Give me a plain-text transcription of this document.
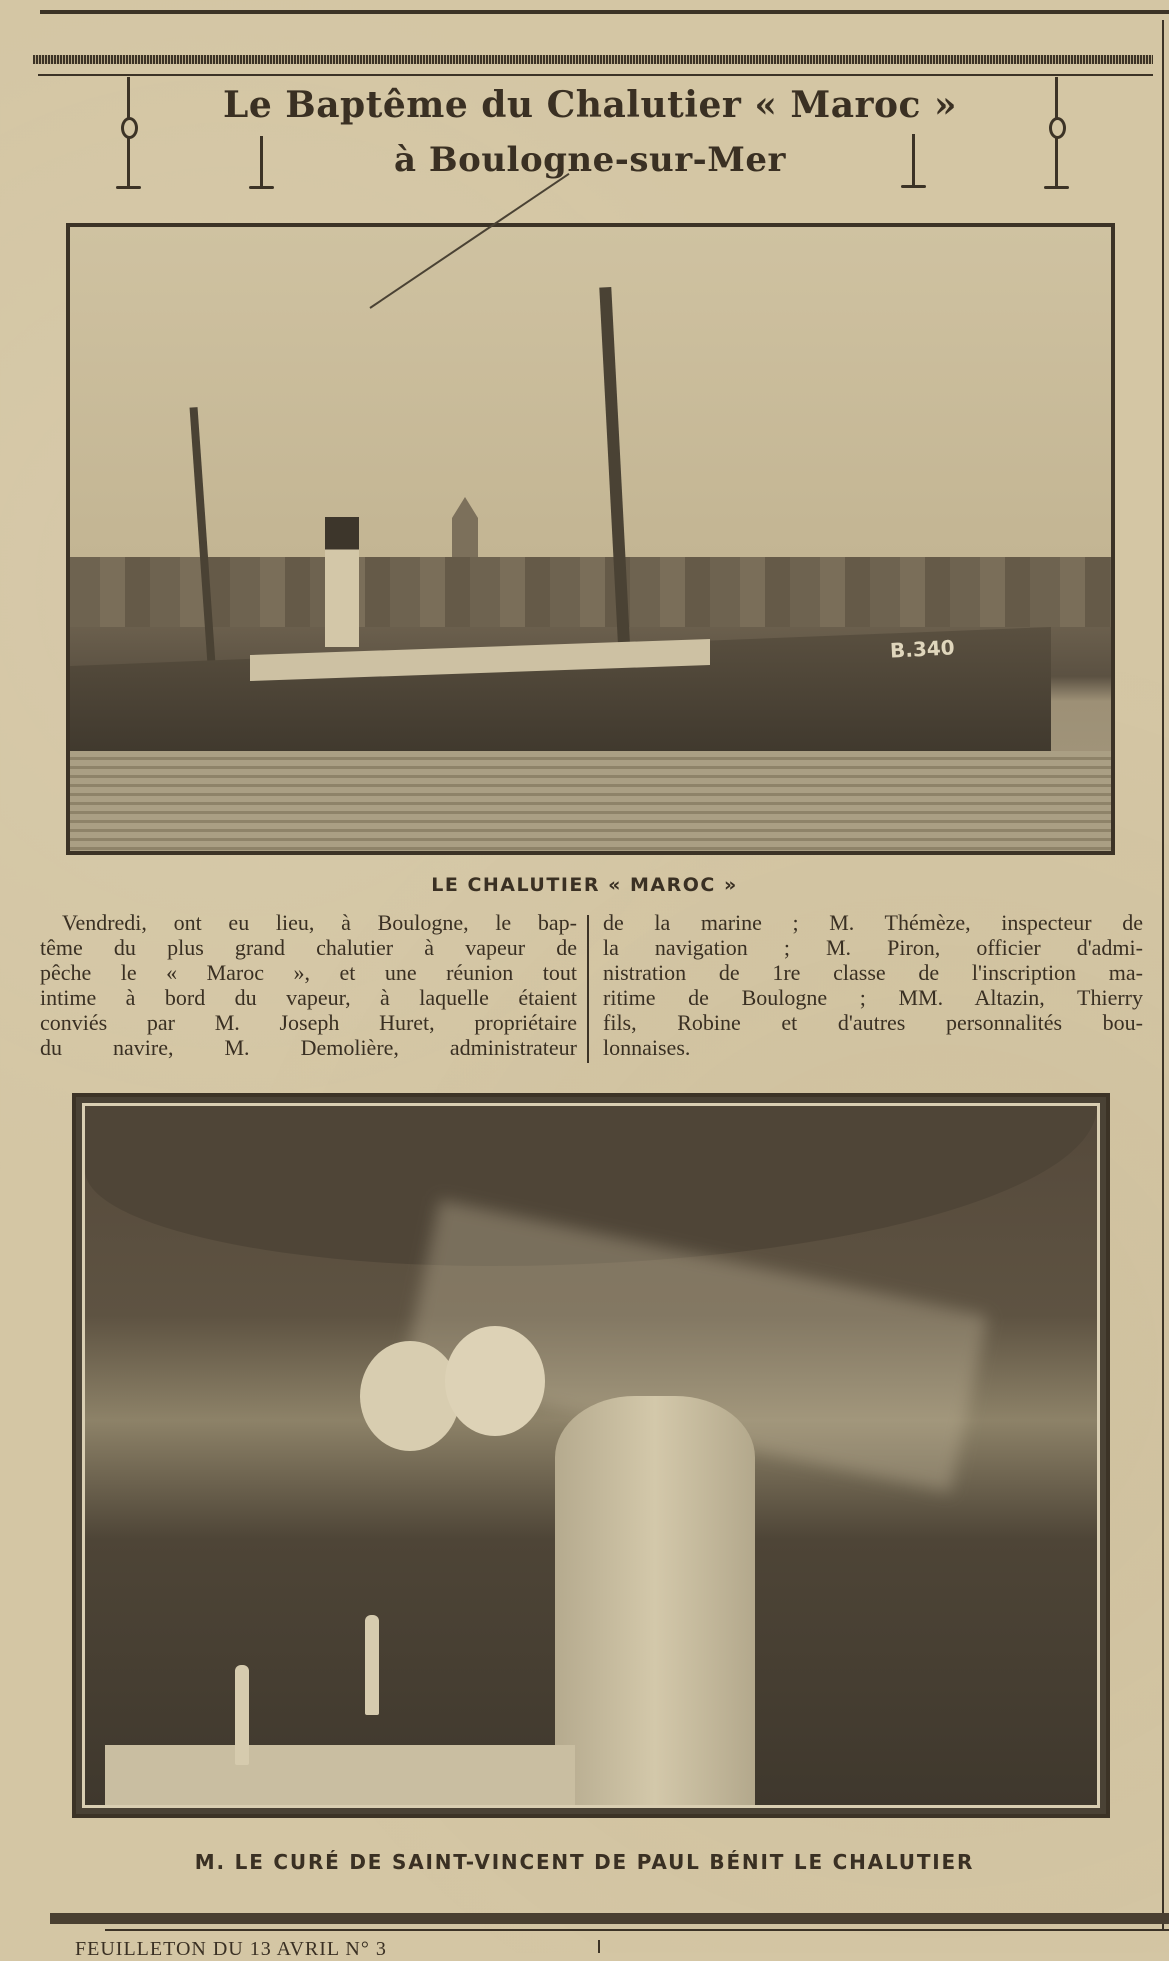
Le Baptême du Chalutier « Maroc »
à Boulogne-sur-Mer
B.340
LE CHALUTIER « MAROC »
Vendredi, ont eu lieu, à Boulogne, le bap-
tême du plus grand chalutier à vapeur de
pêche le « Maroc », et une réunion tout
intime à bord du vapeur, à laquelle étaient
conviés par M. Joseph Huret, propriétaire
du navire, M. Demolière, administrateur
de la marine ; M. Thémèze, inspecteur de
la navigation ; M. Piron, officier d'admi-
nistration de 1re classe de l'inscription ma-
ritime de Boulogne ; MM. Altazin, Thierry
fils, Robine et d'autres personnalités bou-
lonnaises.
M. LE CURÉ DE SAINT-VINCENT DE PAUL BÉNIT LE CHALUTIER
FEUILLETON DU 13 AVRIL N° 3
